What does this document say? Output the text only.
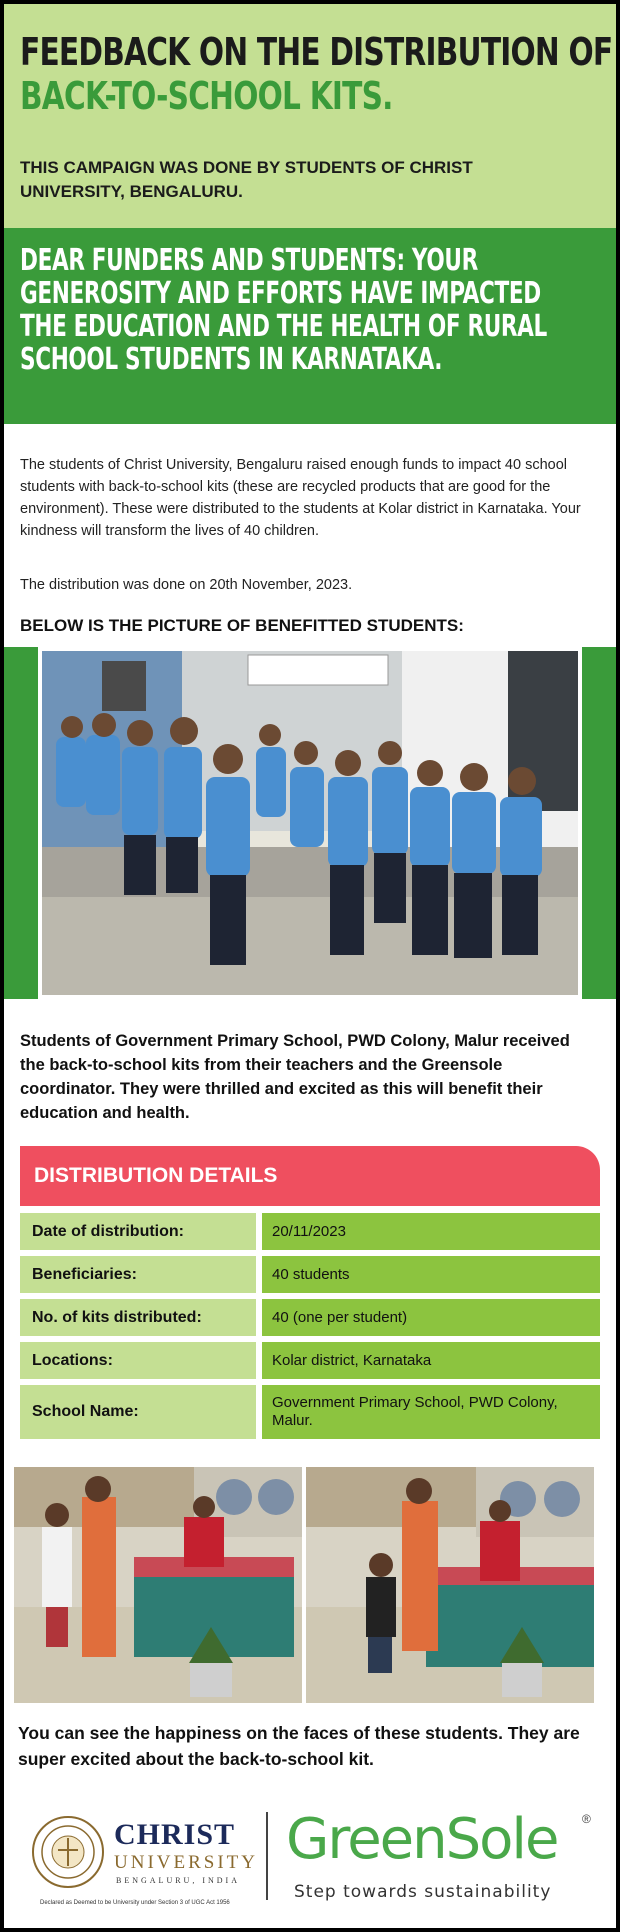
FEEDBACK ON THE DISTRIBUTION OF
BACK-TO-SCHOOL KITS.
THIS CAMPAIGN WAS DONE BY STUDENTS OF CHRIST UNIVERSITY, BENGALURU.
DEAR FUNDERS AND STUDENTS: YOUR GENEROSITY AND EFFORTS HAVE IMPACTED THE EDUCATION AND THE HEALTH OF RURAL SCHOOL STUDENTS IN KARNATAKA.
The students of Christ University, Bengaluru raised enough funds to impact 40 school students with back-to-school kits (these are recycled products that are good for the environment). These were distributed to the students at Kolar district in Karnataka. Your kindness will transform the lives of 40 children.
The distribution was done on 20th November, 2023.
BELOW IS THE PICTURE OF BENEFITTED STUDENTS:
Students of Government Primary School, PWD Colony, Malur received the back-to-school kits from their teachers and the Greensole coordinator. They were thrilled and excited as this will benefit their education and health.
DISTRIBUTION DETAILS
Date of distribution:	20/11/2023
Beneficiaries:	40 students
No. of kits distributed:	40 (one per student)
Locations:	Kolar district, Karnataka
School Name:
Government Primary School, PWD Colony, Malur.
You can see the happiness on the faces of these students. They are super excited about the back-to-school kit.
CHRIST
UNIVERSITY
BENGALURU, INDIA
Declared as Deemed to be University under Section 3 of UGC Act 1956
GreenSole ®
Step towards sustainability
